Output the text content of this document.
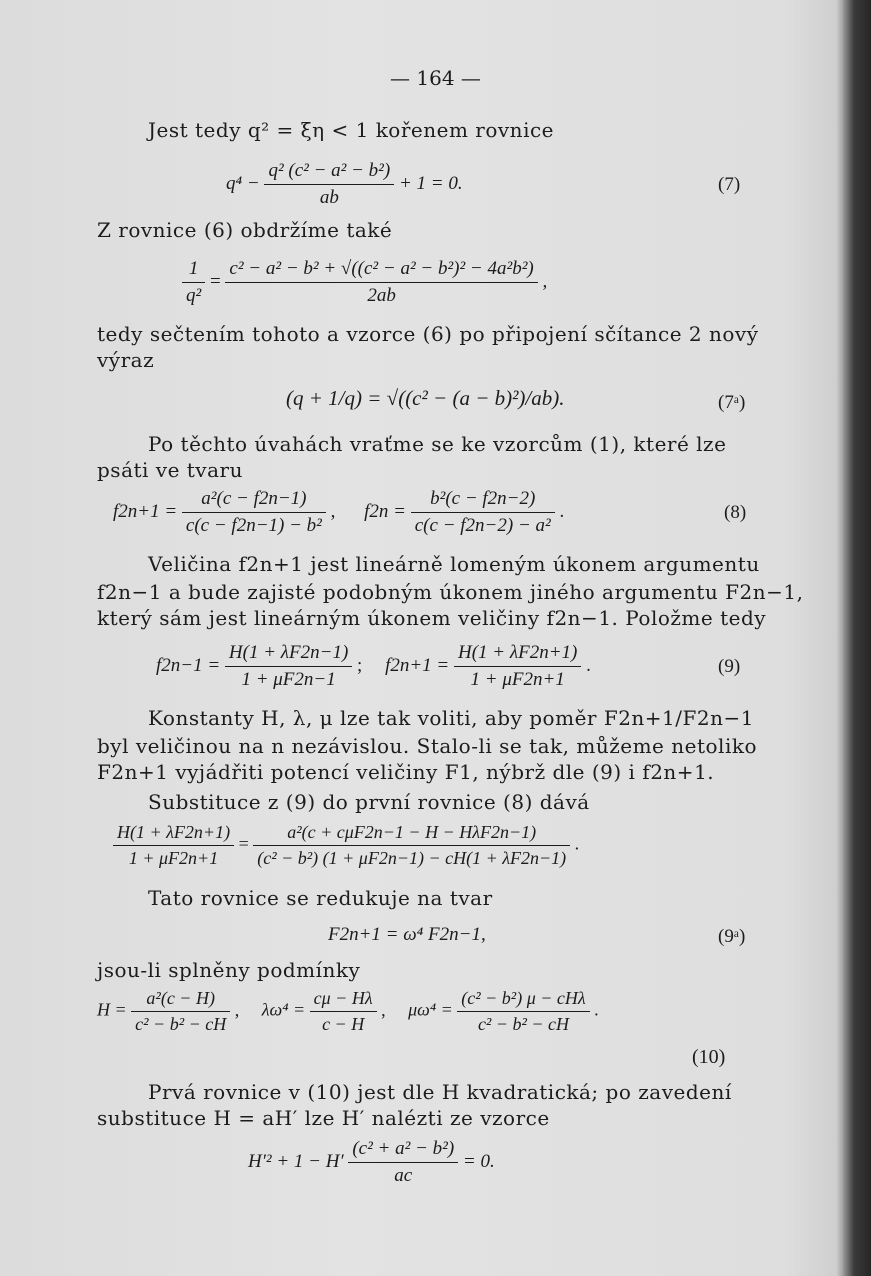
— 164 —
Jest tedy q² = ξη < 1 kořenem rovnice
$q^4 - \frac{\text{q² (c² − a² − b²)}}{ab} + 1 = 0$.	(7)
Z rovnice (6) obdržíme také
$\frac{1}{\text{q²}} = \frac{\text{c² − a² − b² + √((c² − a² − b²)² − 4a²b²)}}{2ab}$ ,
tedy sečtením tohoto a vzorce (6) po připojení sčítance 2 nový
výraz
(q + 1/q) = √((c² − (a − b)²)/ab).	(7ᵃ)
Po těchto úvahách vraťme se ke vzorcům (1), které lze
psáti ve tvaru
$f2n+1 = \frac{\text{a²(c − f2n−1)}}{\text{c(c − f2n−1) − b²}}$ , $f2n = \frac{\text{b²(c − f2n−2)}}{\text{c(c − f2n−2) − a²}}$ .	(8)
Veličina f2n+1 jest lineárně lomeným úkonem argumentu
f2n−1 a bude zajisté podobným úkonem jiného argumentu F2n−1,
který sám jest lineárným úkonem veličiny f2n−1. Položme tedy
$f2n-1 = \frac{H(1 + \lambda F2n-1)}{1 + \mu F2n-1}$ ; $f2n+1 = \frac{H(1 + \lambda F2n+1)}{1 + \mu F2n+1}$ .	(9)
Konstanty H, λ, μ lze tak voliti, aby poměr F2n+1/F2n−1
byl veličinou na n nezávislou. Stalo-li se tak, můžeme netoliko
F2n+1 vyjádřiti potencí veličiny F1, nýbrž dle (9) i f2n+1.
Substituce z (9) do první rovnice (8) dává
$\frac{H(1 + \lambda F2n+1)}{1 + \mu F2n+1} = \frac{\text{a²(c + cμF2n−1 − H − HλF2n−1)}}{\text{(c² − b²) (1 + μF2n−1) − cH(1 + λF2n−1)}}$ .
Tato rovnice se redukuje na tvar
F2n+1 = ω⁴ F2n−1,	(9ᵃ)
jsou-li splněny podmínky
$H = \frac{\text{a²(c − H)}}{\text{c² − b² − cH}}$ , $\lambda\omega^4 = \frac{c\mu - H\lambda}{c - H}$ , $\mu\omega^4 = \frac{\text{(c² − b²) μ − cHλ}}{\text{c² − b² − cH}}$ .
(10)
Prvá rovnice v (10) jest dle H kvadratická; po zavedení
substituce H = aH′ lze H′ nalézti ze vzorce
$H'^2 + 1 - H' \frac{\text{(c² + a² − b²)}}{ac} = 0$.
